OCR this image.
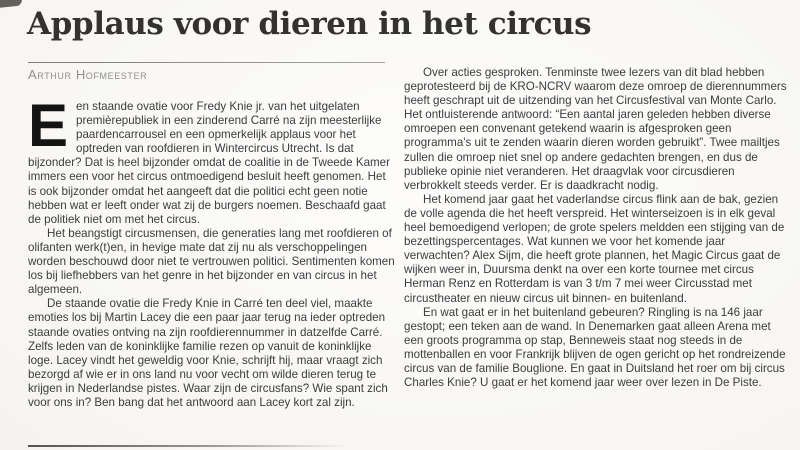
Applaus voor dieren in het circus
Arthur Hofmeester

Een staande ovatie voor Fredy Knie jr. van het uitgelaten premièrepubliek in een zinderend Carré na zijn meesterlijke paardencarrousel en een opmerkelijk applaus voor het optreden van roofdieren in Wintercircus Utrecht. Is dat bijzonder? Dat is heel bijzonder omdat de coalitie in de Tweede Kamer immers een voor het circus ontmoedigend besluit heeft genomen. Het is ook bijzonder omdat het aangeeft dat die politici echt geen notie hebben wat er leeft onder wat zij de burgers noemen. Beschaafd gaat de politiek niet om met het circus.

Het beangstigt circusmensen, die generaties lang met roofdieren of olifanten werk(t)en, in hevige mate dat zij nu als verschoppelingen worden beschouwd door niet te vertrouwen politici. Sentimenten komen los bij liefhebbers van het genre in het bijzonder en van circus in het algemeen.

De staande ovatie die Fredy Knie in Carré ten deel viel, maakte emoties los bij Martin Lacey die een paar jaar terug na ieder optreden staande ovaties ontving na zijn roofdierennummer in datzelfde Carré. Zelfs leden van de koninklijke familie rezen op vanuit de koninklijke loge. Lacey vindt het geweldig voor Knie, schrijft hij, maar vraagt zich bezorgd af wie er in ons land nu voor vecht om wilde dieren terug te krijgen in Nederlandse pistes. Waar zijn de circusfans? Wie spant zich voor ons in? Ben bang dat het antwoord aan Lacey kort zal zijn.

Over acties gesproken. Tenminste twee lezers van dit blad hebben geprotesteerd bij de KRO-NCRV waarom deze omroep de dierennummers heeft geschrapt uit de uitzending van het Circusfestival van Monte Carlo. Het ontluisterende antwoord: “Een aantal jaren geleden hebben diverse omroepen een convenant getekend waarin is afgesproken geen programma's uit te zenden waarin dieren worden gebruikt”. Twee mailtjes zullen die omroep niet snel op andere gedachten brengen, en dus de publieke opinie niet veranderen. Het draagvlak voor circusdieren verbrokkelt steeds verder. Er is daadkracht nodig.

Het komend jaar gaat het vaderlandse circus flink aan de bak, gezien de volle agenda die het heeft verspreid. Het winterseizoen is in elk geval heel bemoedigend verlopen; de grote spelers meldden een stijging van de bezettingspercentages. Wat kunnen we voor het komende jaar verwachten? Alex Sijm, die heeft grote plannen, het Magic Circus gaat de wijken weer in, Duursma denkt na over een korte tournee met circus Herman Renz en Rotterdam is van 3 t/m 7 mei weer Circusstad met circustheater en nieuw circus uit binnen- en buitenland.

En wat gaat er in het buitenland gebeuren? Ringling is na 146 jaar gestopt; een teken aan de wand. In Denemarken gaat alleen Arena met een groots programma op stap, Benneweis staat nog steeds in de mottenballen en voor Frankrijk blijven de ogen gericht op het rondreizende circus van de familie Bouglione. En gaat in Duitsland het roer om bij circus Charles Knie? U gaat er het komend jaar weer over lezen in De Piste.
